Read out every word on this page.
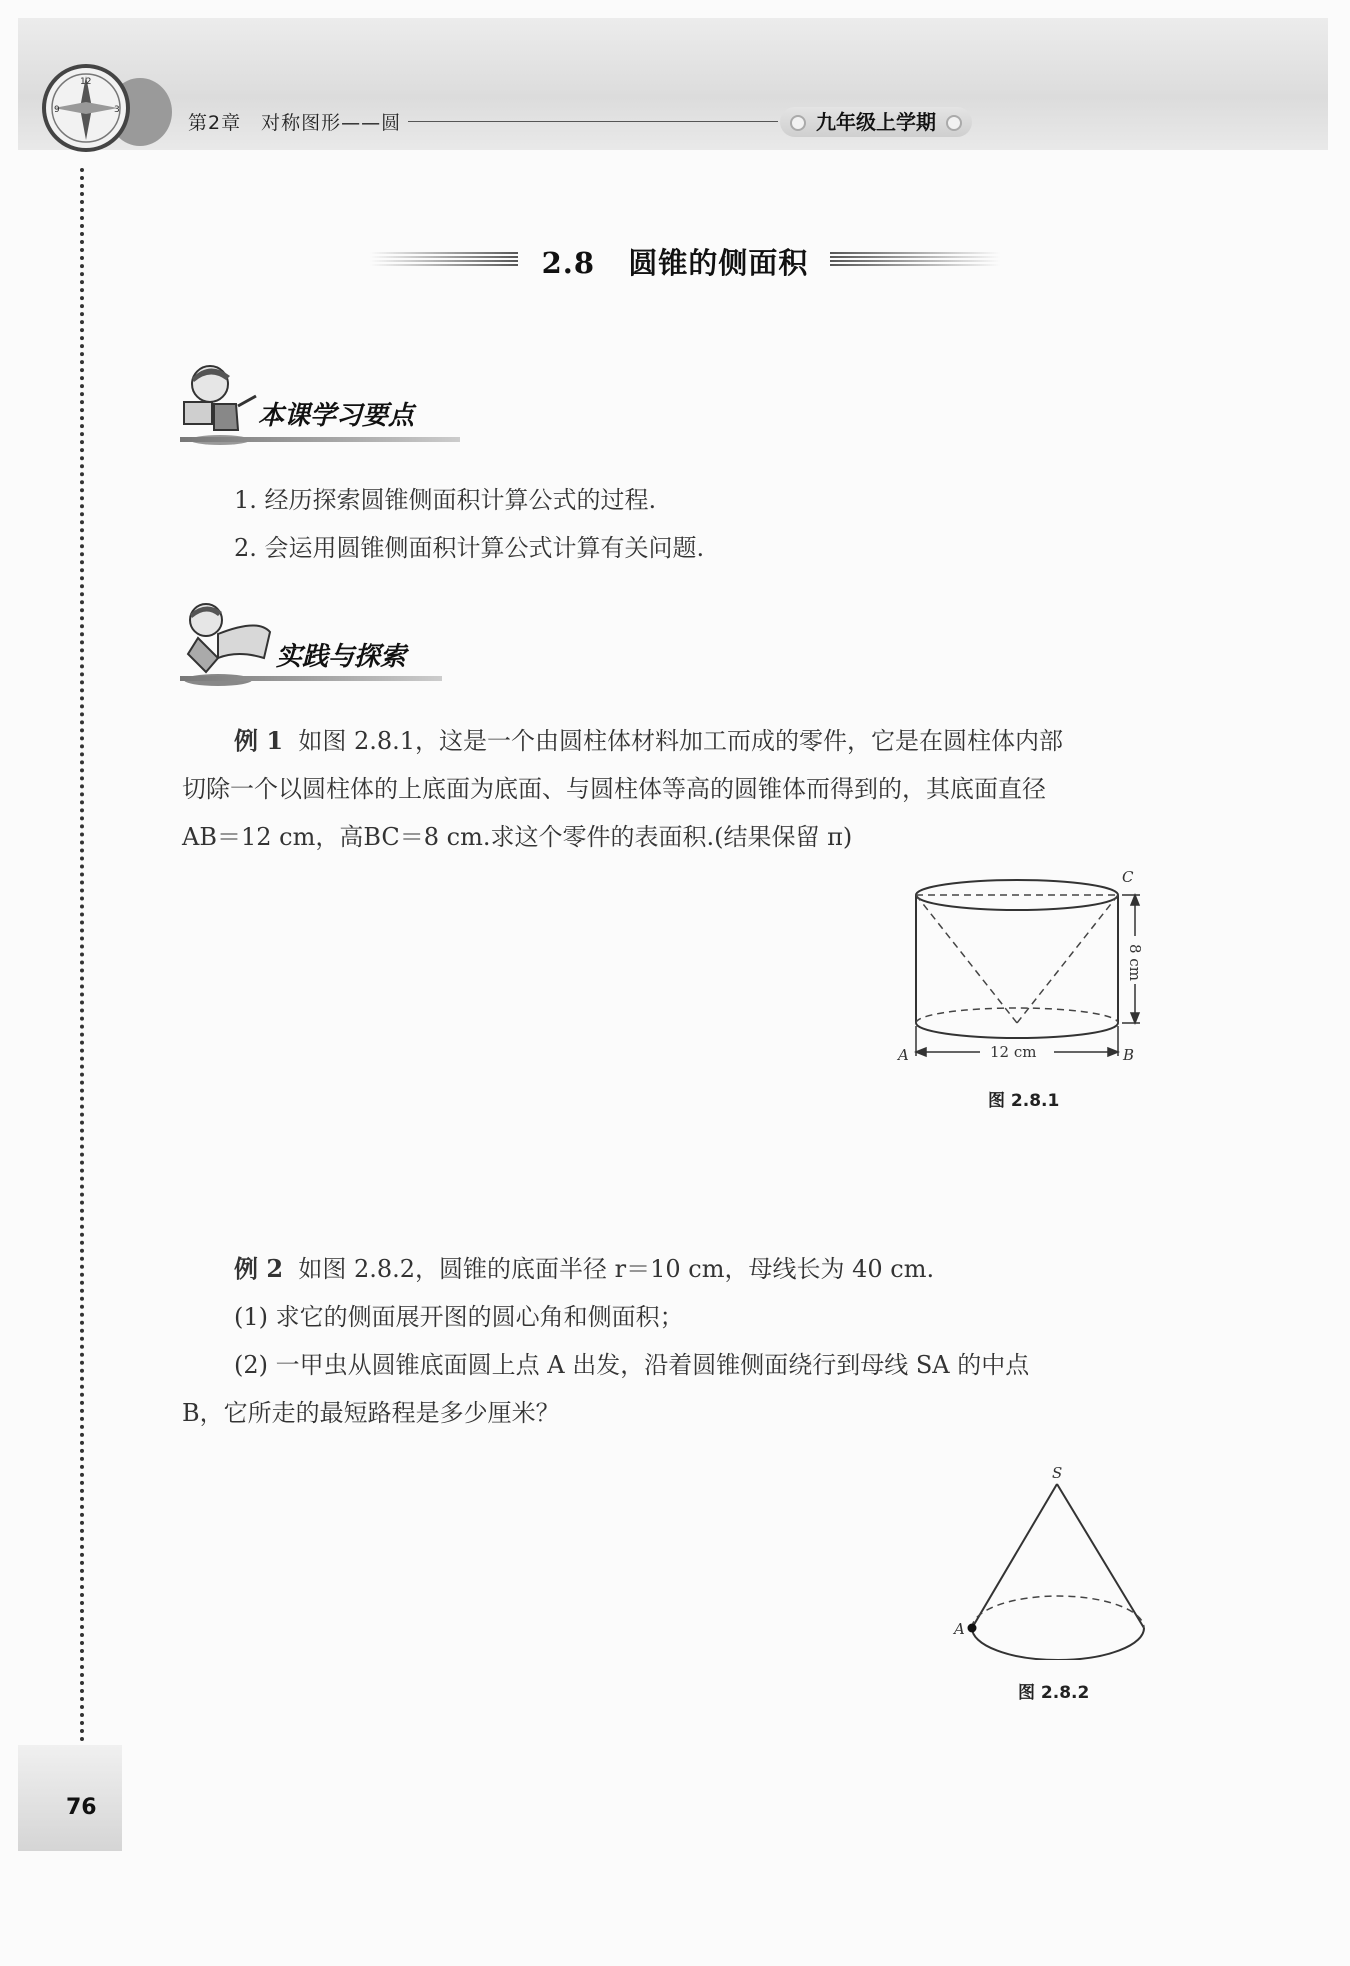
12
3
9
第2章　对称图形——圆	九年级上学期
76
2.8 圆锥的侧面积
本课学习要点
1. 经历探索圆锥侧面积计算公式的过程.
2. 会运用圆锥侧面积计算公式计算有关问题.
实践与探索
例 1 如图 2.8.1，这是一个由圆柱体材料加工而成的零件，它是在圆柱体内部
切除一个以圆柱体的上底面为底面、与圆柱体等高的圆锥体而得到的，其底面直径
AB＝12 cm，高BC＝8 cm.求这个零件的表面积.(结果保留 π)
12 cm
8 cm
A	B
C
图 2.8.1
例 2 如图 2.8.2，圆锥的底面半径 r＝10 cm，母线长为 40 cm.
(1) 求它的侧面展开图的圆心角和侧面积；
(2) 一甲虫从圆锥底面圆上点 A 出发，沿着圆锥侧面绕行到母线 SA 的中点
B，它所走的最短路程是多少厘米？
S
A
图 2.8.2
